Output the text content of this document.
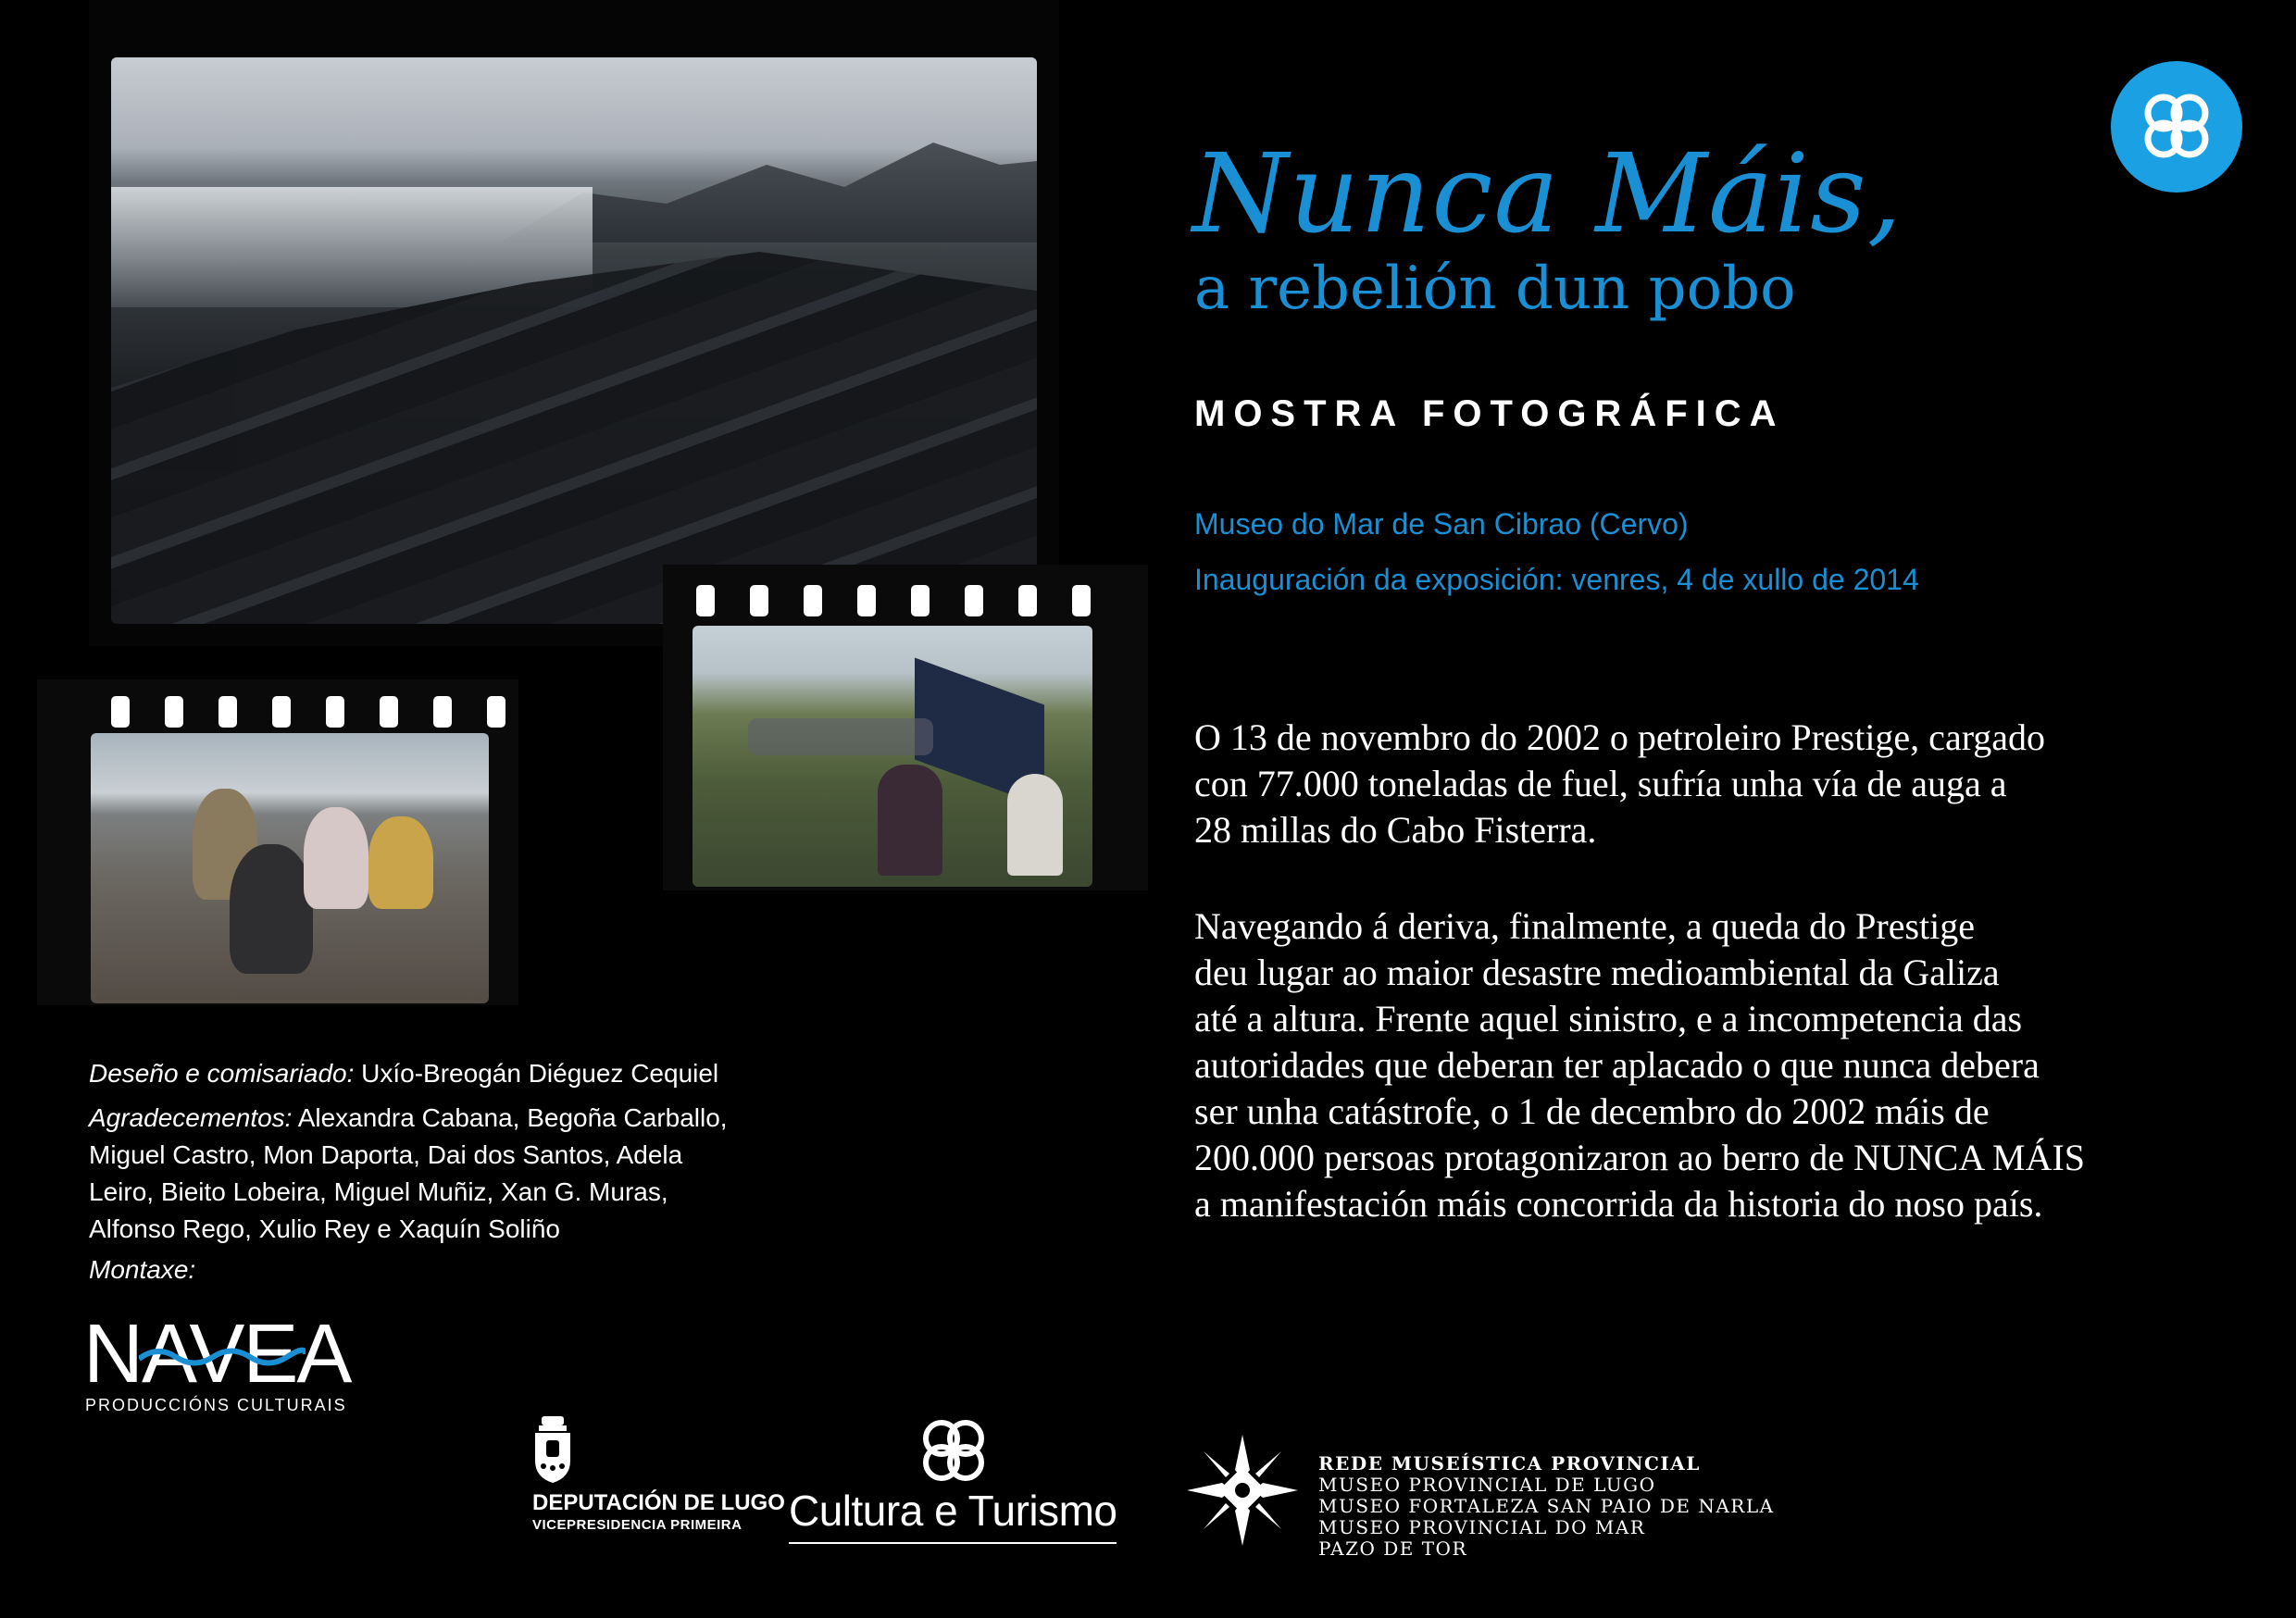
Nunca Máis,
a rebelión dun pobo
MOSTRA FOTOGRÁFICA
Museo do Mar de San Cibrao (Cervo)
Inauguración da exposición: venres, 4 de xullo de 2014
O 13 de novembro do 2002 o petroleiro Prestige, cargado
con 77.000 toneladas de fuel, sufría unha vía de auga a
28 millas do Cabo Fisterra.
Navegando á deriva, finalmente, a queda do Prestige
deu lugar ao maior desastre medioambiental da Galiza
até a altura. Frente aquel sinistro, e a incompetencia das
autoridades que deberan ter aplacado o que nunca debera
ser unha catástrofe, o 1 de decembro do 2002 máis de
200.000 persoas protagonizaron ao berro de NUNCA MÁIS
a manifestación máis concorrida da historia do noso país.
Deseño e comisariado: Uxío-Breogán Diéguez Cequiel
Agradecementos: Alexandra Cabana, Begoña Carballo,
Miguel Castro, Mon Daporta, Dai dos Santos, Adela
Leiro, Bieito Lobeira, Miguel Muñiz, Xan G. Muras,
Alfonso Rego, Xulio Rey e Xaquín Soliño
Montaxe:
NAVEA
PRODUCCIÓNS CULTURAIS
DEPUTACIÓN DE LUGO
VICEPRESIDENCIA PRIMEIRA Cultura e Turismo
REDE MUSEÍSTICA PROVINCIAL
MUSEO PROVINCIAL DE LUGO
MUSEO FORTALEZA SAN PAIO DE NARLA
MUSEO PROVINCIAL DO MAR
PAZO DE TOR
